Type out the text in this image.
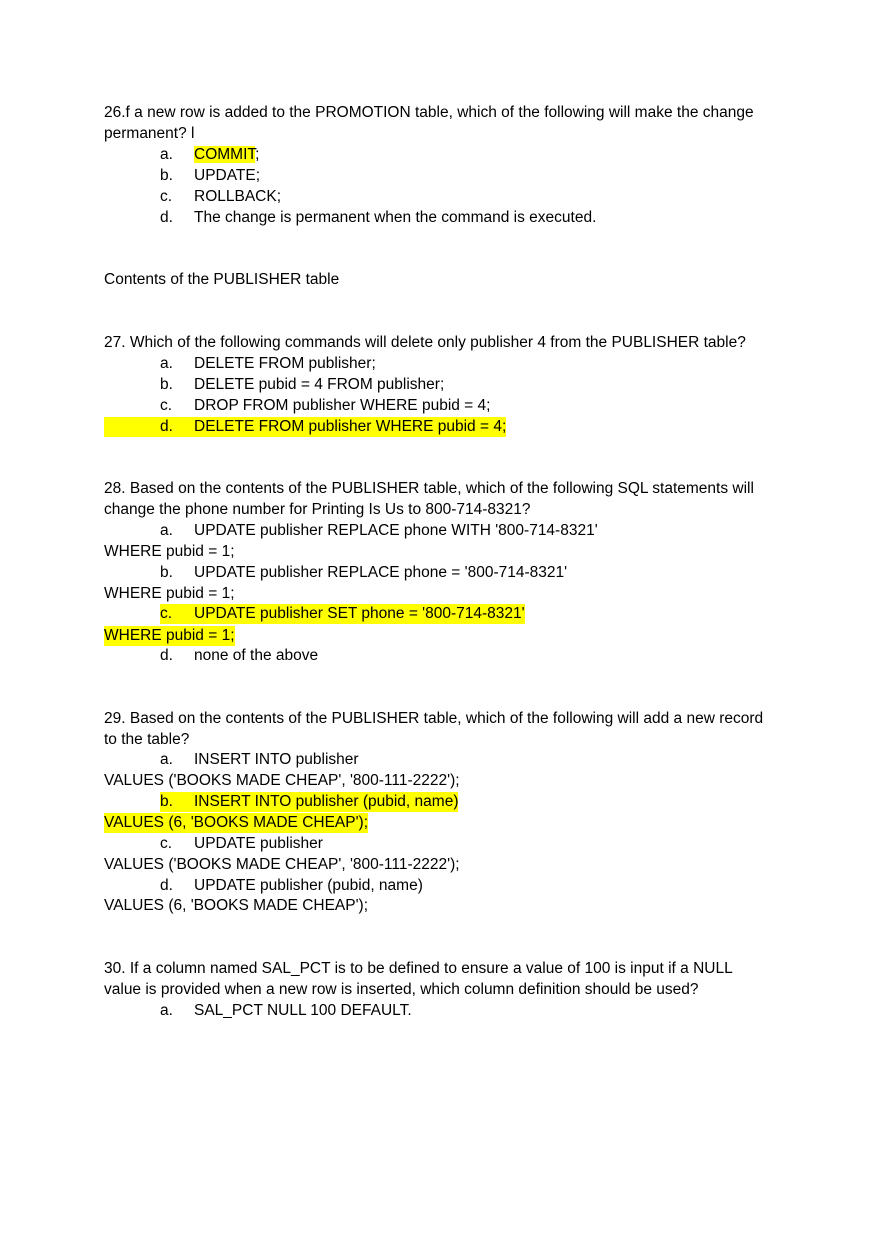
26.f a new row is added to the PROMOTION table, which of the following will make the change
permanent? l
a. COMMIT;
b. UPDATE;
c. ROLLBACK;
d. The change is permanent when the command is executed.
Contents of the PUBLISHER table
27. Which of the following commands will delete only publisher 4 from the PUBLISHER table?
a. DELETE FROM publisher;
b. DELETE pubid = 4 FROM publisher;
c. DROP FROM publisher WHERE pubid = 4;
d. DELETE FROM publisher WHERE pubid = 4;
28. Based on the contents of the PUBLISHER table, which of the following SQL statements will
change the phone number for Printing Is Us to 800-714-8321?
a. UPDATE publisher REPLACE phone WITH '800-714-8321'
WHERE pubid = 1;
b. UPDATE publisher REPLACE phone = '800-714-8321'
WHERE pubid = 1;
c. UPDATE publisher SET phone = '800-714-8321'
WHERE pubid = 1;
d. none of the above
29. Based on the contents of the PUBLISHER table, which of the following will add a new record
to the table?
a. INSERT INTO publisher
VALUES ('BOOKS MADE CHEAP', '800-111-2222');
b. INSERT INTO publisher (pubid, name)
VALUES (6, 'BOOKS MADE CHEAP');
c. UPDATE publisher
VALUES ('BOOKS MADE CHEAP', '800-111-2222');
d. UPDATE publisher (pubid, name)
VALUES (6, 'BOOKS MADE CHEAP');
30. If a column named SAL_PCT is to be defined to ensure a value of 100 is input if a NULL
value is provided when a new row is inserted, which column definition should be used?
a. SAL_PCT NULL 100 DEFAULT.
